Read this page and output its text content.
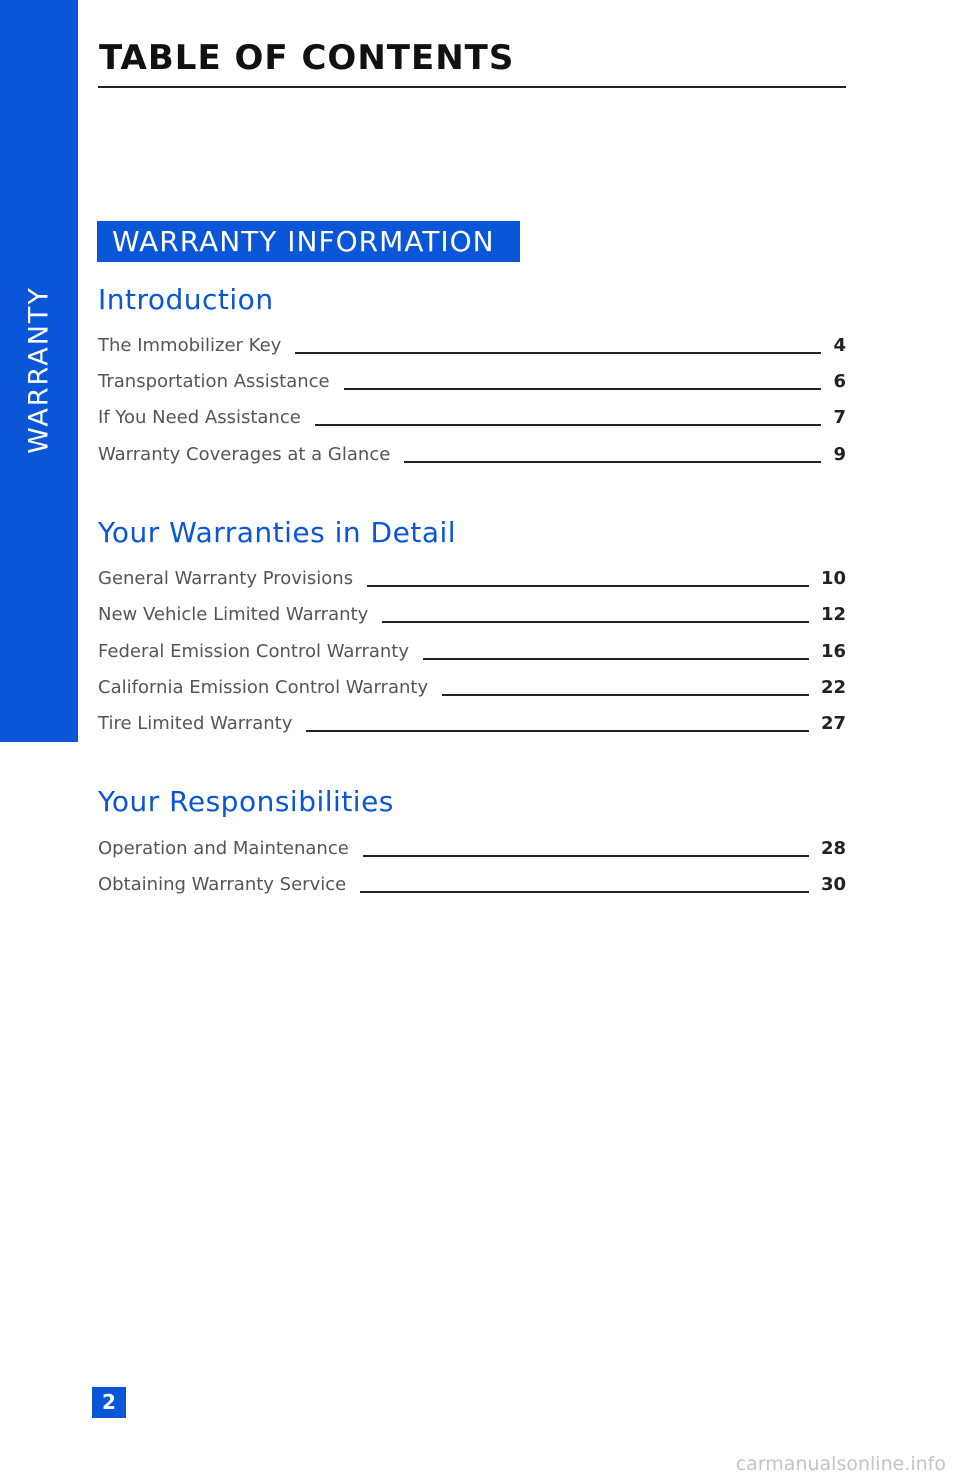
WARRANTY
TABLE OF CONTENTS
WARRANTY INFORMATION
Introduction
The Immobilizer Key	4
Transportation Assistance	6
If You Need Assistance	7
Warranty Coverages at a Glance	9
Your Warranties in Detail
General Warranty Provisions	10
New Vehicle Limited Warranty	12
Federal Emission Control Warranty	16
California Emission Control Warranty	22
Tire Limited Warranty	27
Your Responsibilities
Operation and Maintenance	28
Obtaining Warranty Service	30
2
carmanualsonline.info
